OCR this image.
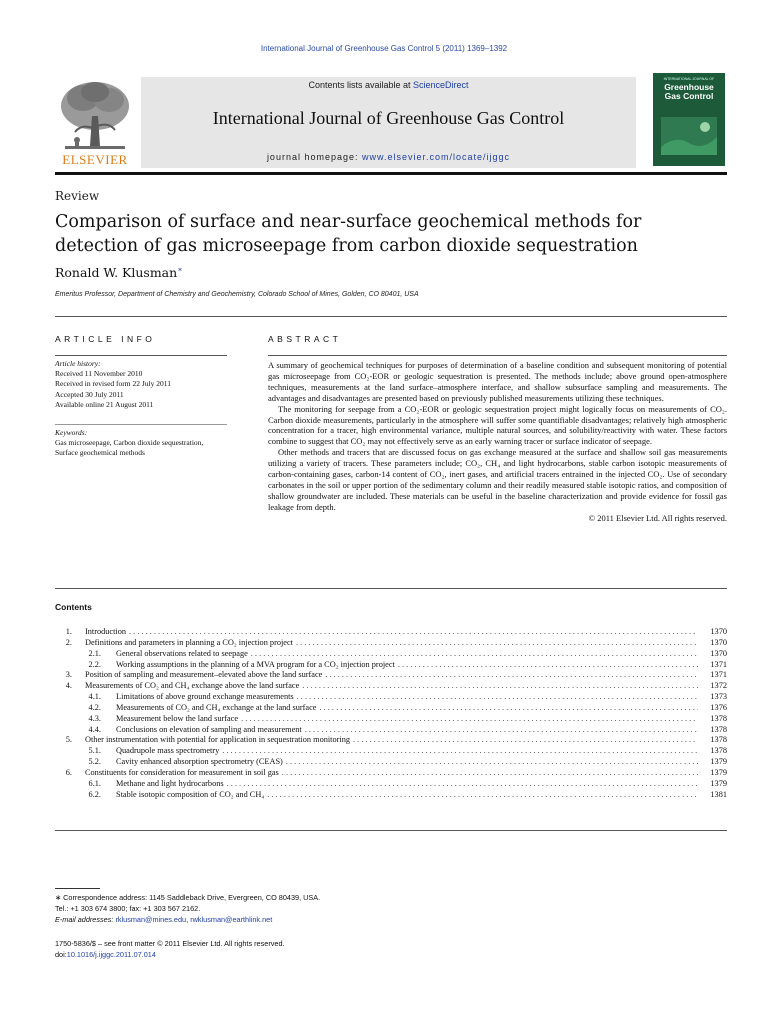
International Journal of Greenhouse Gas Control 5 (2011) 1369–1392
ELSEVIER
Contents lists available at ScienceDirect
International Journal of Greenhouse Gas Control
journal homepage: www.elsevier.com/locate/ijggc
INTERNATIONAL JOURNAL OF
Greenhouse
Gas Control
Review
Comparison of surface and near-surface geochemical methods for detection of gas microseepage from carbon dioxide sequestration
Ronald W. Klusman∗
Emeritus Professor, Department of Chemistry and Geochemistry, Colorado School of Mines, Golden, CO 80401, USA
ARTICLE INFO	ABSTRACT
Article history:
Received 11 November 2010
Received in revised form 22 July 2011
Accepted 30 July 2011
Available online 21 August 2011
Keywords:
Gas microseepage, Carbon dioxide sequestration, Surface geochemical methods

A summary of geochemical techniques for purposes of determination of a baseline condition and subsequent monitoring of potential gas microseepage from CO₂-EOR or geologic sequestration is presented. The methods include; above ground open-atmosphere techniques, measurements at the land surface–atmosphere interface, and shallow subsurface sampling and measurements. The advantages and disadvantages are presented based on previously published measurements utilizing these techniques.

The monitoring for seepage from a CO₂-EOR or geologic sequestration project might logically focus on measurements of CO₂. Carbon dioxide measurements, particularly in the atmosphere will suffer some quantifiable disadvantages; relatively high atmospheric concentration for a tracer, high environmental variance, multiple natural sources, and solubility/reactivity with water. These factors combine to suggest that CO₂ may not effectively serve as an early warning tracer or surface indicator of seepage.

Other methods and tracers that are discussed focus on gas exchange measured at the surface and shallow soil gas measurements utilizing a variety of tracers. These parameters include; CO₂, CH₄ and light hydrocarbons, stable carbon isotopic measurements of carbon-containing gases, carbon-14 content of CO₂, inert gases, and artificial tracers entrained in the injected CO₂. Use of secondary carbonates in the soil or upper portion of the sedimentary column and their readily measured stable isotopic ratios, and composition of shallow groundwater are included. These materials can be useful in the baseline characterization and provide evidence for fossil gas leakage from depth.

© 2011 Elsevier Ltd. All rights reserved.
Contents
1. Introduction . . .	1370
2. Definitions and parameters in planning a CO₂ injection project . . .	1370
2.1. General observations related to seepage . . .	1370
2.2. Working assumptions in the planning of a MVA program for a CO₂ injection project . . .	1371
3. Position of sampling and measurement–elevated above the land surface . . .	1371
4. Measurements of CO₂ and CH₄ exchange above the land surface . . .	1372
4.1. Limitations of above ground exchange measurements . . .	1373
4.2. Measurements of CO₂ and CH₄ exchange at the land surface . . .	1376
4.3. Measurement below the land surface . . .	1378
4.4. Conclusions on elevation of sampling and measurement . . .	1378
5. Other instrumentation with potential for application in sequestration monitoring . . .	1378
5.1. Quadrupole mass spectrometry . . .	1378
5.2. Cavity enhanced absorption spectrometry (CEAS) . . .	1379
6. Constituents for consideration for measurement in soil gas . . .	1379
6.1. Methane and light hydrocarbons . . .	1379
6.2. Stable isotopic composition of CO₂ and CH₄ . . .	1381
∗ Correspondence address: 1145 Saddleback Drive, Evergreen, CO 80439, USA.
Tel.: +1 303 674 3800; fax: +1 303 567 2162.
E-mail addresses: rklusman@mines.edu, rwklusman@earthlink.net
1750-5836/$ – see front matter © 2011 Elsevier Ltd. All rights reserved.
doi:10.1016/j.ijggc.2011.07.014
